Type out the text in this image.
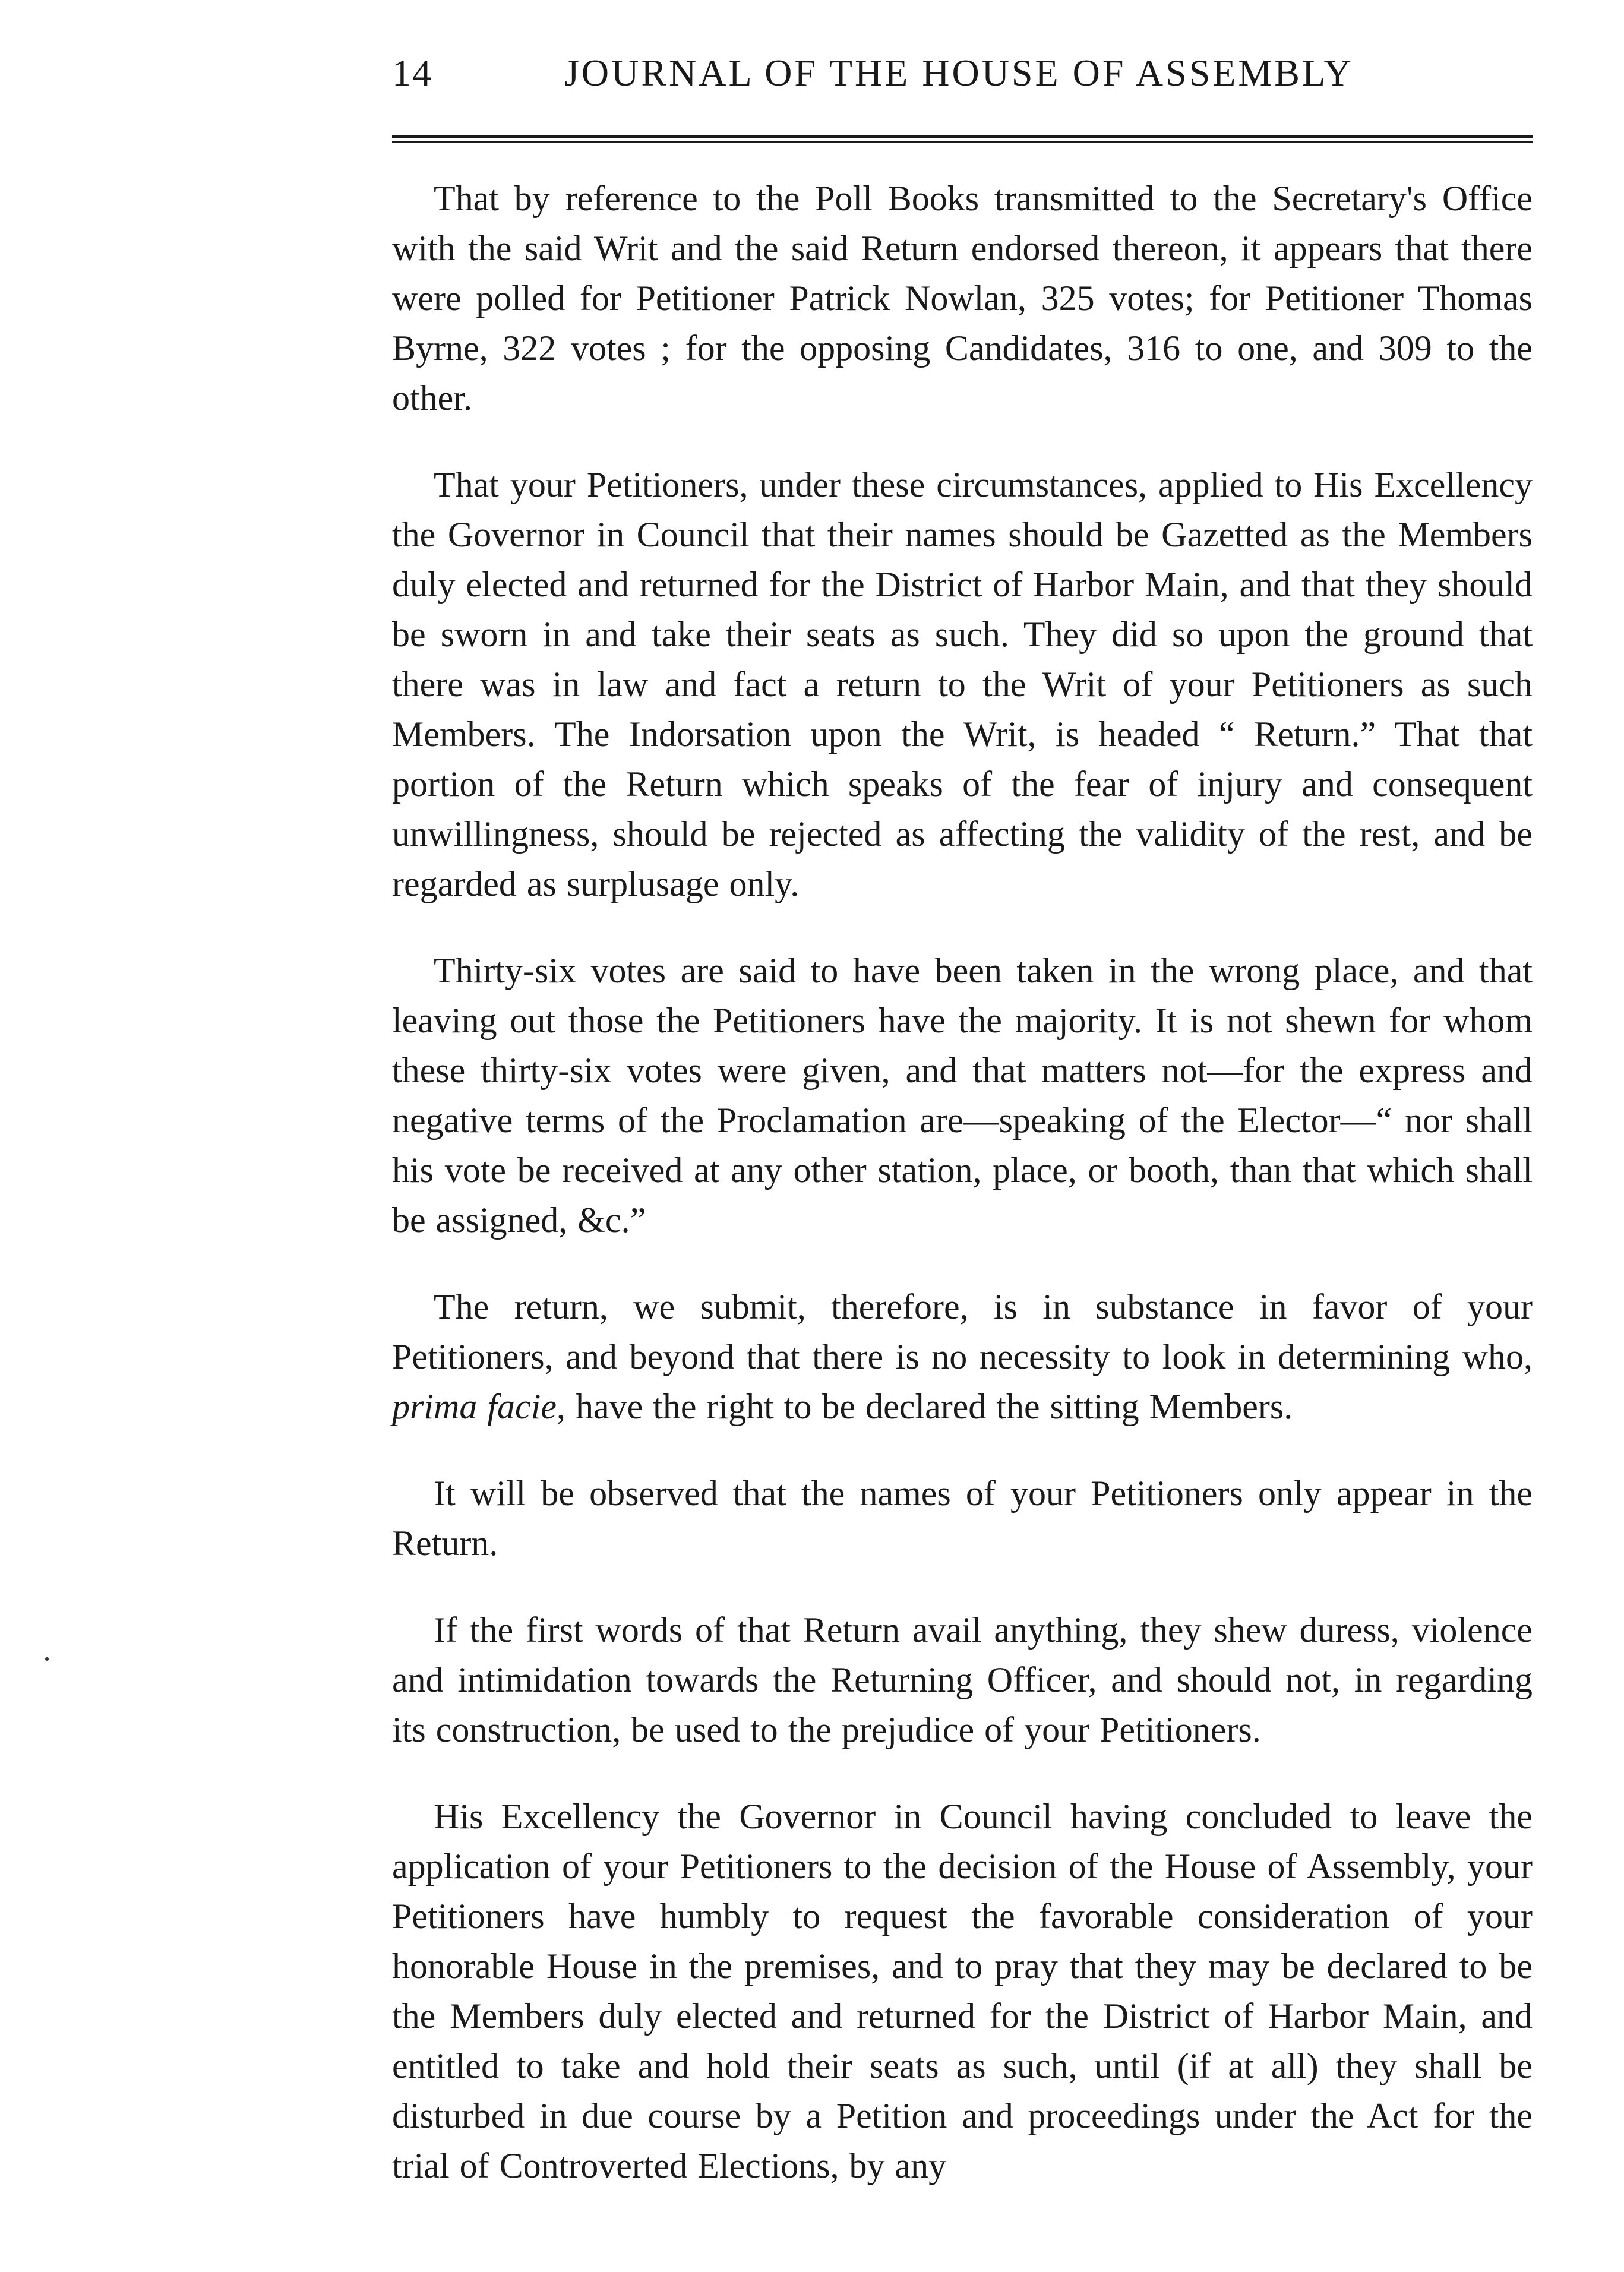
14	JOURNAL OF THE HOUSE OF ASSEMBLY

That by reference to the Poll Books transmitted to the Secretary's Office with the said Writ and the said Return endorsed thereon, it appears that there were polled for Petitioner Patrick Nowlan, 325 votes; for Petitioner Thomas Byrne, 322 votes ; for the opposing Candidates, 316 to one, and 309 to the other.

That your Petitioners, under these circumstances, applied to His Excellency the Governor in Council that their names should be Gazetted as the Members duly elected and returned for the District of Harbor Main, and that they should be sworn in and take their seats as such. They did so upon the ground that there was in law and fact a return to the Writ of your Petitioners as such Members. The Indorsation upon the Writ, is headed “ Return.” That that portion of the Return which speaks of the fear of injury and consequent unwillingness, should be rejected as affecting the validity of the rest, and be regarded as surplusage only.

Thirty-six votes are said to have been taken in the wrong place, and that leaving out those the Petitioners have the majority. It is not shewn for whom these thirty-six votes were given, and that matters not—for the express and negative terms of the Proclamation are—speaking of the Elector—“ nor shall his vote be received at any other station, place, or booth, than that which shall be assigned, &c.”

The return, we submit, therefore, is in substance in favor of your Petitioners, and beyond that there is no necessity to look in determining who, prima facie, have the right to be declared the sitting Members.

It will be observed that the names of your Petitioners only appear in the Return.

If the first words of that Return avail anything, they shew duress, violence and intimidation towards the Returning Officer, and should not, in regarding its construction, be used to the prejudice of your Petitioners.

His Excellency the Governor in Council having concluded to leave the application of your Petitioners to the decision of the House of Assembly, your Petitioners have humbly to request the favorable consideration of your honorable House in the premises, and to pray that they may be declared to be the Members duly elected and returned for the District of Harbor Main, and entitled to take and hold their seats as such, until (if at all) they shall be disturbed in due course by a Petition and proceedings under the Act for the trial of Controverted Elections, by any
